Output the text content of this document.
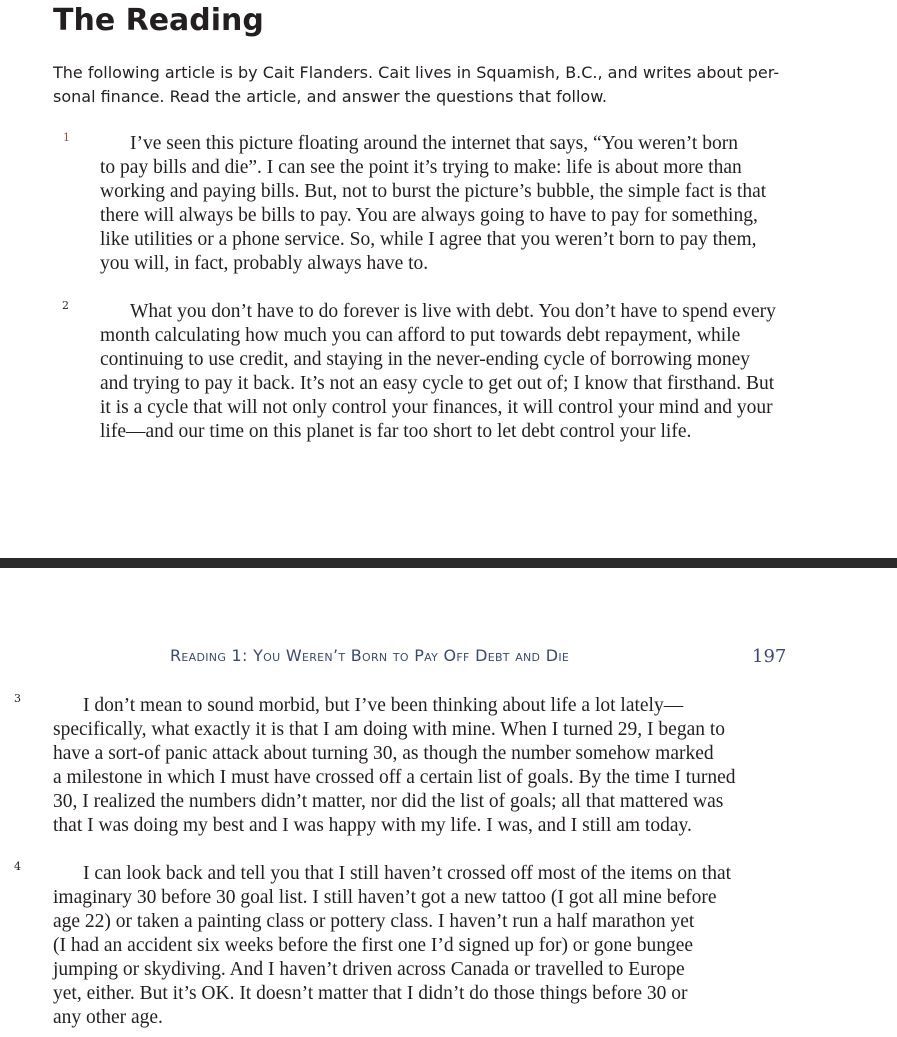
The Reading

The following article is by Cait Flanders. Cait lives in Squamish, B.C., and writes about per-
sonal finance. Read the article, and answer the questions that follow.

1	I’ve seen this picture floating around the internet that says, “You weren’t born
to pay bills and die”. I can see the point it’s trying to make: life is about more than
working and paying bills. But, not to burst the picture’s bubble, the simple fact is that
there will always be bills to pay. You are always going to have to pay for something,
like utilities or a phone service. So, while I agree that you weren’t born to pay them,
you will, in fact, probably always have to.

2	What you don’t have to do forever is live with debt. You don’t have to spend every
month calculating how much you can afford to put towards debt repayment, while
continuing to use credit, and staying in the never-ending cycle of borrowing money
and trying to pay it back. It’s not an easy cycle to get out of; I know that firsthand. But
it is a cycle that will not only control your finances, it will control your mind and your
life—and our time on this planet is far too short to let debt control your life.

Reading 1: You Weren’t Born to Pay Off Debt and Die	197
3	I don’t mean to sound morbid, but I’ve been thinking about life a lot lately—
specifically, what exactly it is that I am doing with mine. When I turned 29, I began to
have a sort-of panic attack about turning 30, as though the number somehow marked
a milestone in which I must have crossed off a certain list of goals. By the time I turned
30, I realized the numbers didn’t matter, nor did the list of goals; all that mattered was
that I was doing my best and I was happy with my life. I was, and I still am today.

4	I can look back and tell you that I still haven’t crossed off most of the items on that
imaginary 30 before 30 goal list. I still haven’t got a new tattoo (I got all mine before
age 22) or taken a painting class or pottery class. I haven’t run a half marathon yet
(I had an accident six weeks before the first one I’d signed up for) or gone bungee
jumping or skydiving. And I haven’t driven across Canada or travelled to Europe
yet, either. But it’s OK. It doesn’t matter that I didn’t do those things before 30 or
any other age.
